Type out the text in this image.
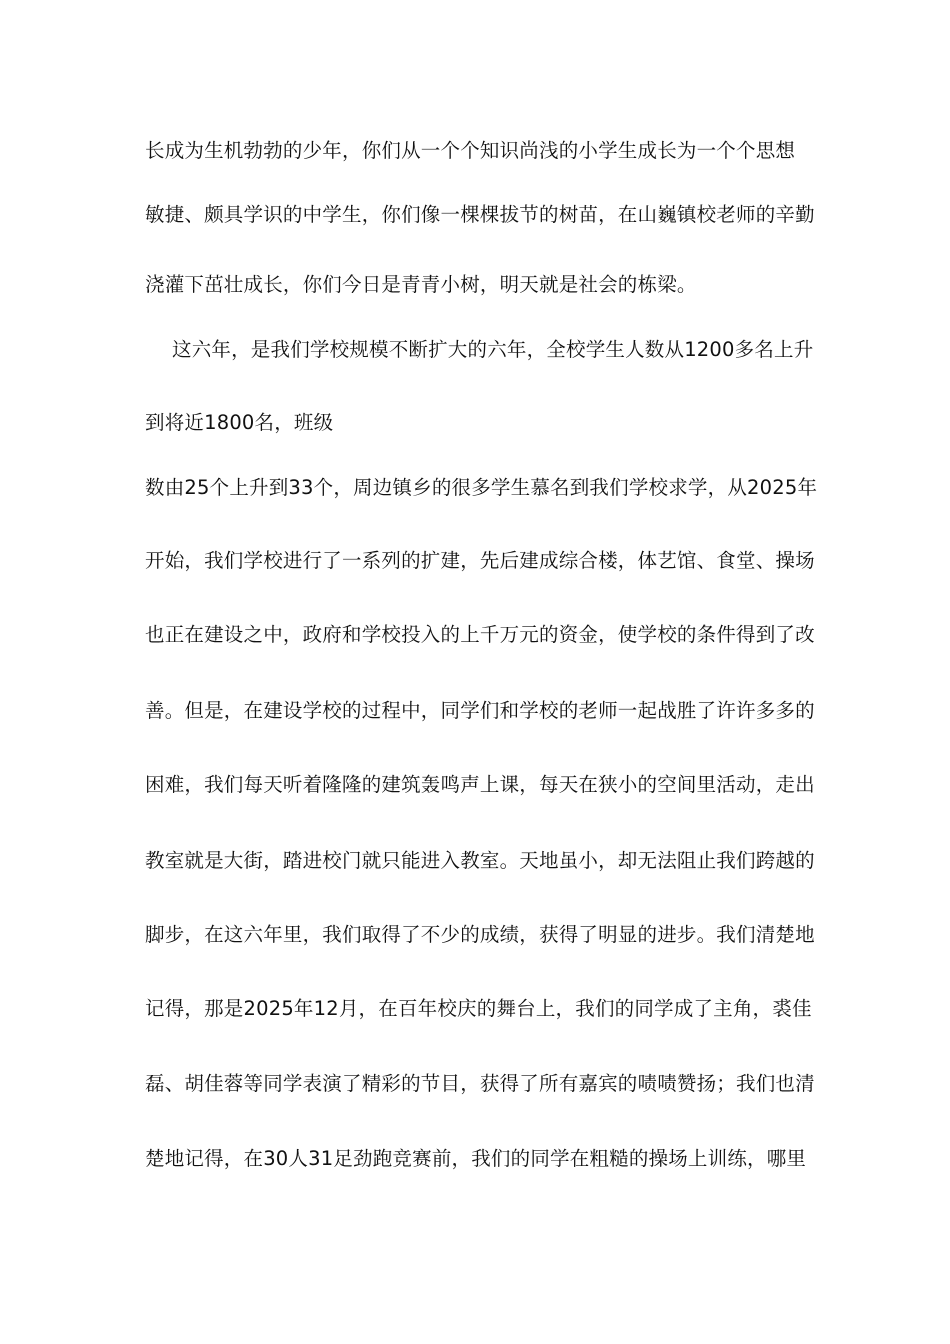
长成为生机勃勃的少年，你们从一个个知识尚浅的小学生成长为一个个思想
敏捷、颇具学识的中学生，你们像一棵棵拔节的树苗，在山巍镇校老师的辛勤
浇灌下茁壮成长，你们今日是青青小树，明天就是社会的栋梁。
这六年，是我们学校规模不断扩大的六年，全校学生人数从1200多名上升
到将近1800名，班级
数由25个上升到33个，周边镇乡的很多学生慕名到我们学校求学，从2025年
开始，我们学校进行了一系列的扩建，先后建成综合楼，体艺馆、食堂、操场
也正在建设之中，政府和学校投入的上千万元的资金，使学校的条件得到了改
善。但是，在建设学校的过程中，同学们和学校的老师一起战胜了许许多多的
困难，我们每天听着隆隆的建筑轰鸣声上课，每天在狭小的空间里活动，走出
教室就是大街，踏进校门就只能进入教室。天地虽小，却无法阻止我们跨越的
脚步，在这六年里，我们取得了不少的成绩，获得了明显的进步。我们清楚地
记得，那是2025年12月，在百年校庆的舞台上，我们的同学成了主角，裘佳
磊、胡佳蓉等同学表演了精彩的节目，获得了所有嘉宾的啧啧赞扬；我们也清
楚地记得，在30人31足劲跑竞赛前，我们的同学在粗糙的操场上训练，哪里
